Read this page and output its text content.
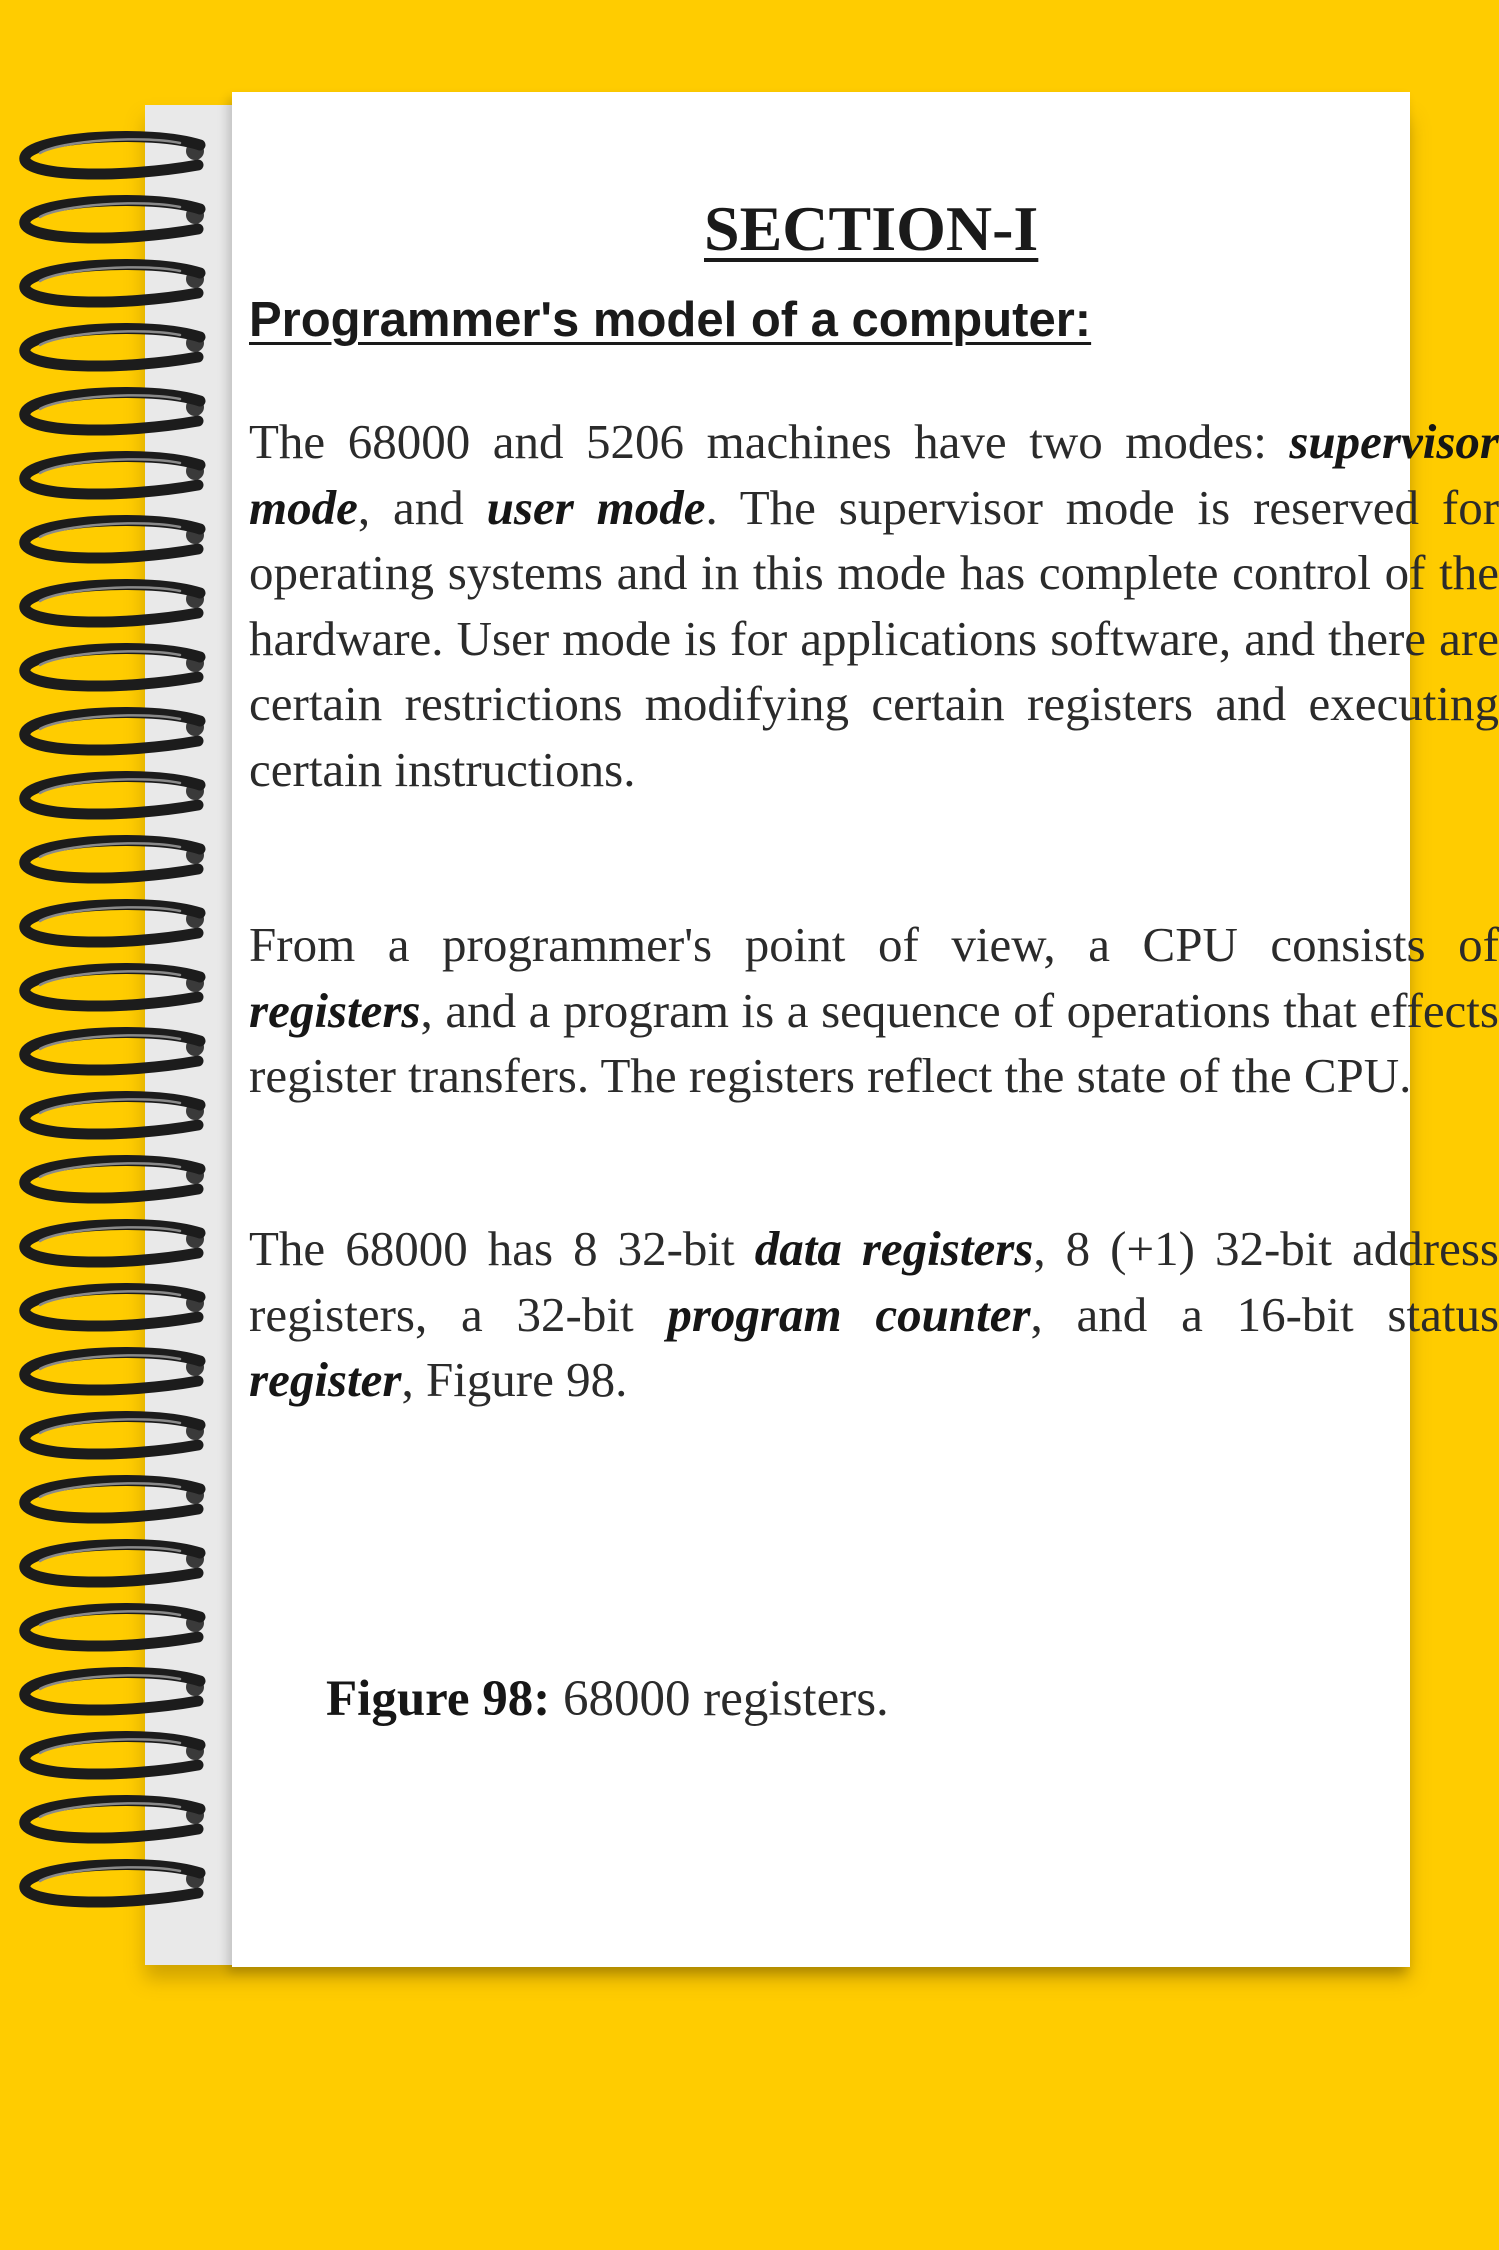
SECTION-I
Programmer's model of a computer:

The 68000 and 5206 machines have two modes: supervisor mode, and user mode. The supervisor mode is reserved for operating systems and in this mode has complete control of the hardware. User mode is for applications software, and there are certain restrictions modifying certain registers and executing certain instructions.

From a programmer's point of view, a CPU consists of registers, and a program is a sequence of operations that effects register transfers. The registers reflect the state of the CPU.

The 68000 has 8 32-bit data registers, 8 (+1) 32-bit address registers, a 32-bit program counter, and a 16-bit status register, Figure 98.

Figure 98: 68000 registers.
